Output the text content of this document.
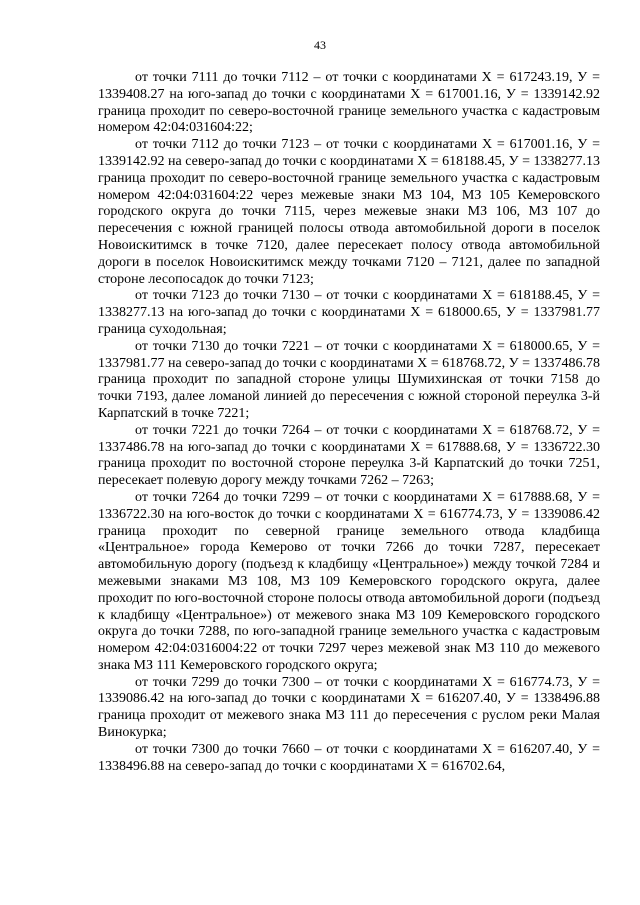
43

от точки 7111 до точки 7112 – от точки с координатами Х = 617243.19, У = 1339408.27 на юго-запад до точки с координатами Х = 617001.16, У = 1339142.92 граница проходит по северо-восточной границе земельного участка с кадастровым номером 42:04:031604:22;

от точки 7112 до точки 7123 – от точки с координатами Х = 617001.16, У = 1339142.92 на северо-запад до точки с координатами Х = 618188.45, У = 1338277.13 граница проходит по северо-восточной границе земельного участка с кадастровым номером 42:04:031604:22 через межевые знаки МЗ 104, МЗ 105 Кемеровского городского округа до точки 7115, через межевые знаки МЗ 106, МЗ 107 до пересечения с южной границей полосы отвода автомобильной дороги в поселок Новоискитимск в точке 7120, далее пересекает полосу отвода автомобильной дороги в поселок Новоискитимск между точками 7120 – 7121, далее по западной стороне лесопосадок до точки 7123;

от точки 7123 до точки 7130 – от точки с координатами Х = 618188.45, У = 1338277.13 на юго-запад до точки с координатами Х = 618000.65, У = 1337981.77 граница суходольная;

от точки 7130 до точки 7221 – от точки с координатами Х = 618000.65, У = 1337981.77 на северо-запад до точки с координатами Х = 618768.72, У = 1337486.78 граница проходит по западной стороне улицы Шумихинская от точки 7158 до точки 7193, далее ломаной линией до пересечения с южной стороной переулка 3-й Карпатский в точке 7221;

от точки 7221 до точки 7264 – от точки с координатами Х = 618768.72, У = 1337486.78 на юго-запад до точки с координатами Х = 617888.68, У = 1336722.30 граница проходит по восточной стороне переулка 3-й Карпатский до точки 7251, пересекает полевую дорогу между точками 7262 – 7263;

от точки 7264 до точки 7299 – от точки с координатами Х = 617888.68, У = 1336722.30 на юго-восток до точки с координатами Х = 616774.73, У = 1339086.42 граница проходит по северной границе земельного отвода кладбища «Центральное» города Кемерово от точки 7266 до точки 7287, пересекает автомобильную дорогу (подъезд к кладбищу «Центральное») между точкой 7284 и межевыми знаками МЗ 108, МЗ 109 Кемеровского городского округа, далее проходит по юго-восточной стороне полосы отвода автомобильной дороги (подъезд к кладбищу «Центральное») от межевого знака МЗ 109 Кемеровского городского округа до точки 7288, по юго-западной границе земельного участка с кадастровым номером 42:04:0316004:22 от точки 7297 через межевой знак МЗ 110 до межевого знака МЗ 111 Кемеровского городского округа;

от точки 7299 до точки 7300 – от точки с координатами Х = 616774.73, У = 1339086.42 на юго-запад до точки с координатами Х = 616207.40, У = 1338496.88 граница проходит от межевого знака МЗ 111 до пересечения с руслом реки Малая Винокурка;

от точки 7300 до точки 7660 – от точки с координатами Х = 616207.40, У = 1338496.88 на северо-запад до точки с координатами Х = 616702.64,
